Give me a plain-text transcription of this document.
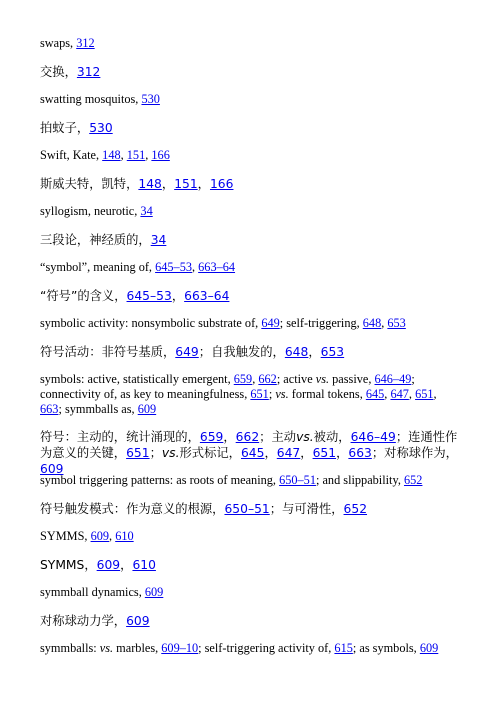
swaps, 312

交换，312

swatting mosquitos, 530

拍蚊子，530

Swift, Kate, 148, 151, 166

斯威夫特，凯特，148，151，166

syllogism, neurotic, 34

三段论，神经质的，34

“symbol”, meaning of, 645–53, 663–64

“符号”的含义，645–53，663–64

symbolic activity: nonsymbolic substrate of, 649; self-triggering, 648, 653

符号活动：非符号基质，649；自我触发的，648，653

symbols: active, statistically emergent, 659, 662; active vs. passive, 646–49; connectivity of, as key to meaningfulness, 651; vs. formal tokens, 645, 647, 651, 663; symmballs as, 609

符号：主动的，统计涌现的，659，662；主动vs.被动，646–49；连通性作为意义的关键，651；vs.形式标记，645，647，651，663；对称球作为，609

symbol triggering patterns: as roots of meaning, 650–51; and slippability, 652

符号触发模式：作为意义的根源，650–51；与可滑性，652

SYMMS, 609, 610

SYMMS，609，610

symmball dynamics, 609

对称球动力学，609

symmballs: vs. marbles, 609–10; self-triggering activity of, 615; as symbols, 609
